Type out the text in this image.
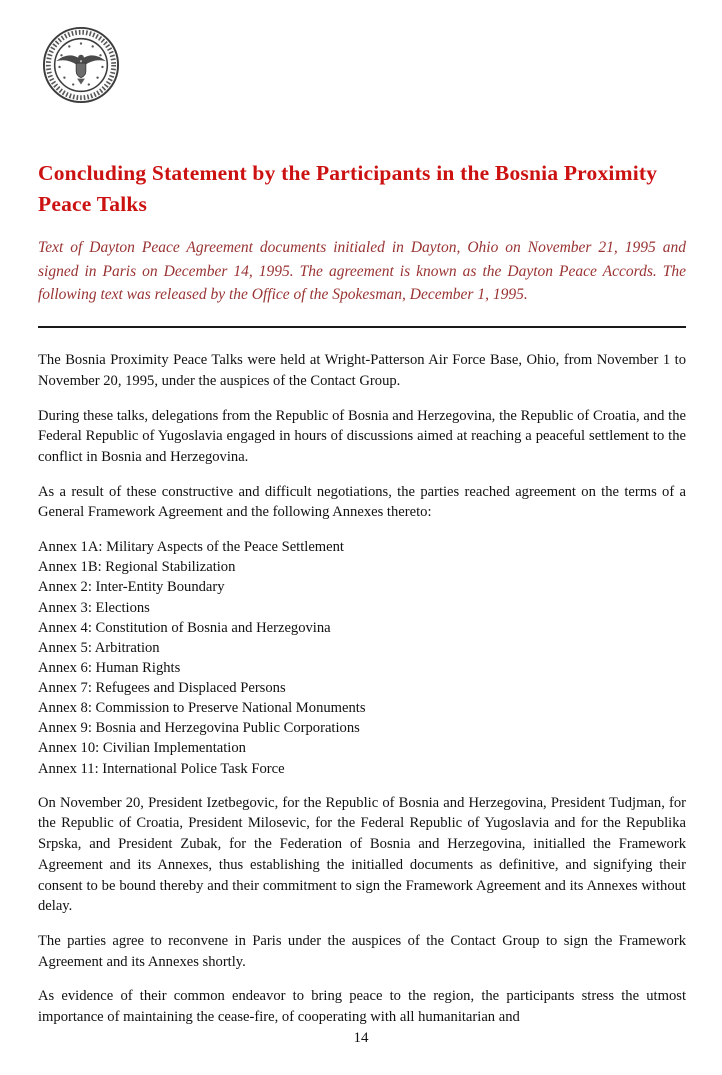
Concluding Statement by the Participants in the Bosnia Proximity Peace Talks

Text of Dayton Peace Agreement documents initialed in Dayton, Ohio on November 21, 1995 and signed in Paris on December 14, 1995. The agreement is known as the Dayton Peace Accords. The following text was released by the Office of the Spokesman, December 1, 1995.

The Bosnia Proximity Peace Talks were held at Wright-Patterson Air Force Base, Ohio, from November 1 to November 20, 1995, under the auspices of the Contact Group.

During these talks, delegations from the Republic of Bosnia and Herzegovina, the Republic of Croatia, and the Federal Republic of Yugoslavia engaged in hours of discussions aimed at reaching a peaceful settlement to the conflict in Bosnia and Herzegovina.

As a result of these constructive and difficult negotiations, the parties reached agreement on the terms of a General Framework Agreement and the following Annexes thereto:

Annex 1A: Military Aspects of the Peace Settlement
Annex 1B: Regional Stabilization
Annex 2: Inter-Entity Boundary
Annex 3: Elections
Annex 4: Constitution of Bosnia and Herzegovina
Annex 5: Arbitration
Annex 6: Human Rights
Annex 7: Refugees and Displaced Persons
Annex 8: Commission to Preserve National Monuments
Annex 9: Bosnia and Herzegovina Public Corporations
Annex 10: Civilian Implementation
Annex 11: International Police Task Force

On November 20, President Izetbegovic, for the Republic of Bosnia and Herzegovina, President Tudjman, for the Republic of Croatia, President Milosevic, for the Federal Republic of Yugoslavia and for the Republika Srpska, and President Zubak, for the Federation of Bosnia and Herzegovina, initialled the Framework Agreement and its Annexes, thus establishing the initialled documents as definitive, and signifying their consent to be bound thereby and their commitment to sign the Framework Agreement and its Annexes without delay.

The parties agree to reconvene in Paris under the auspices of the Contact Group to sign the Framework Agreement and its Annexes shortly.

As evidence of their common endeavor to bring peace to the region, the participants stress the utmost importance of maintaining the cease-fire, of cooperating with all humanitarian and

14
